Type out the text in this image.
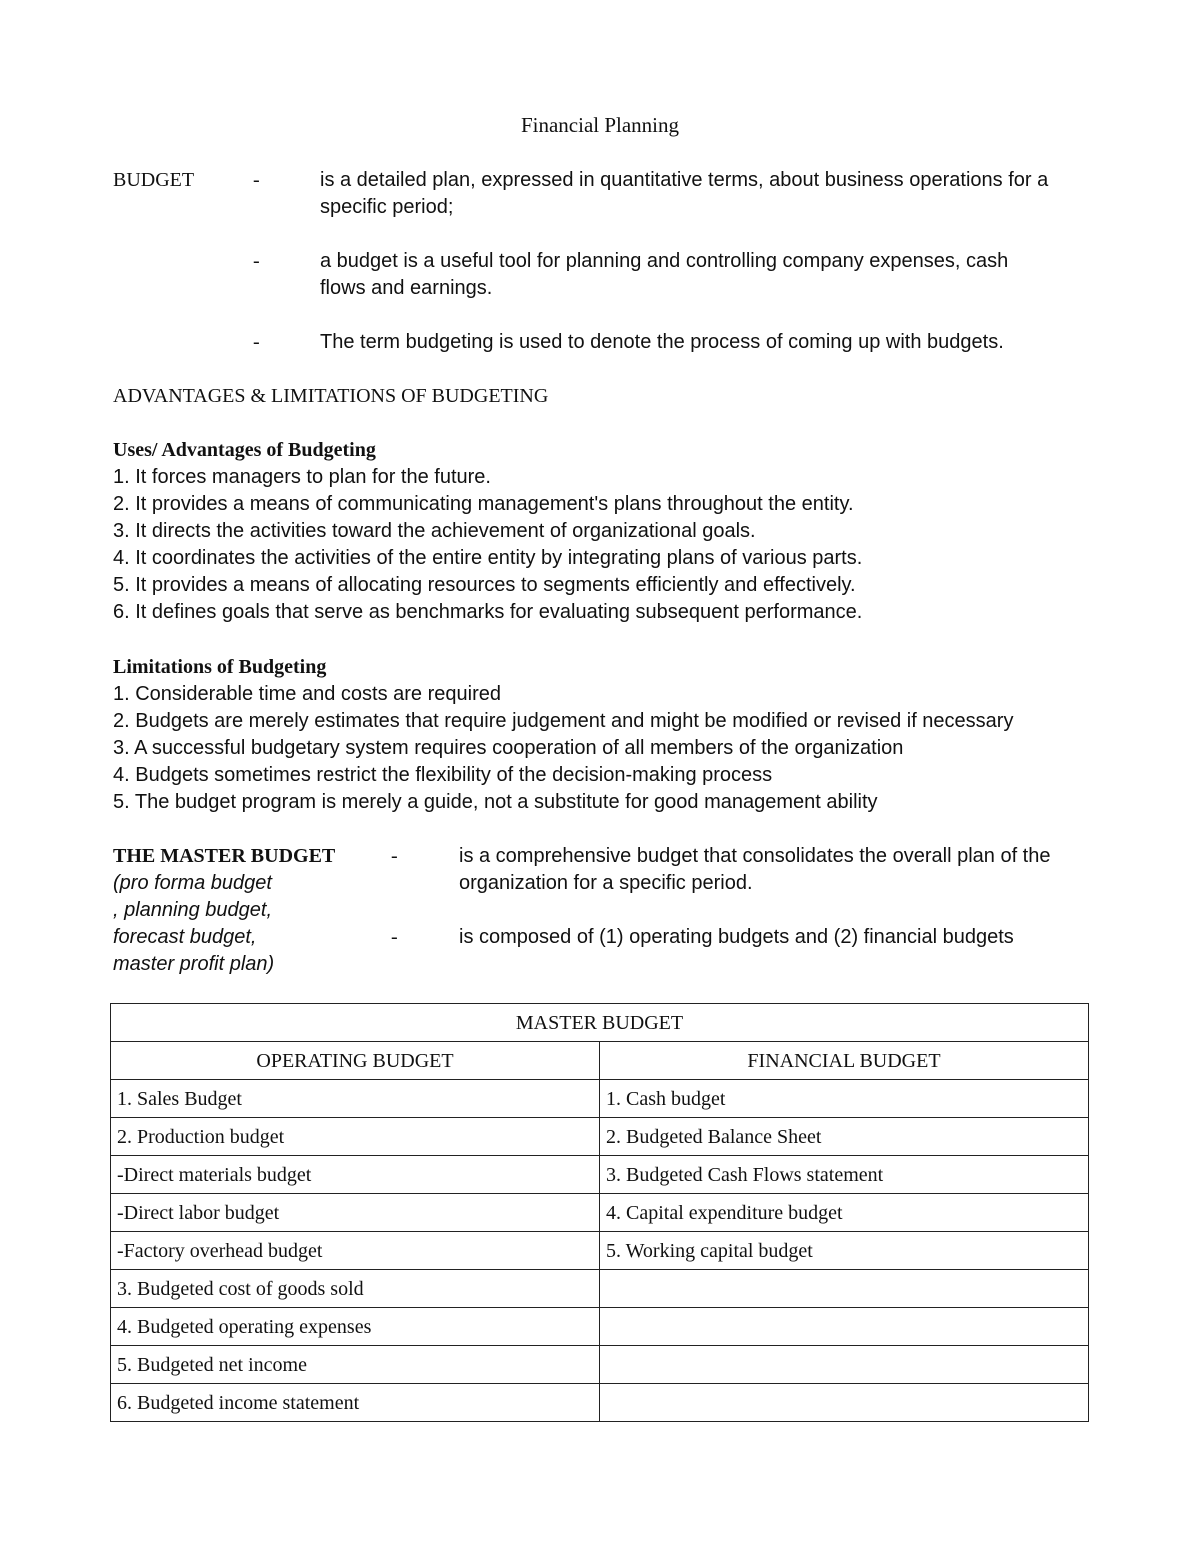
Financial Planning
BUDGET	-	is a detailed plan, expressed in quantitative terms, about business operations for a
specific period;
-	a budget is a useful tool for planning and controlling company expenses, cash
flows and earnings.
-	The term budgeting is used to denote the process of coming up with budgets.
ADVANTAGES & LIMITATIONS OF BUDGETING
Uses/ Advantages of Budgeting
1. It forces managers to plan for the future.
2. It provides a means of communicating management's plans throughout the entity.
3. It directs the activities toward the achievement of organizational goals.
4. It coordinates the activities of the entire entity by integrating plans of various parts.
5. It provides a means of allocating resources to segments efficiently and effectively.
6. It defines goals that serve as benchmarks for evaluating subsequent performance.
Limitations of Budgeting
1. Considerable time and costs are required
2. Budgets are merely estimates that require judgement and might be modified or revised if necessary
3. A successful budgetary system requires cooperation of all members of the organization
4. Budgets sometimes restrict the flexibility of the decision-making process
5. The budget program is merely a guide, not a substitute for good management ability
THE MASTER BUDGET
(pro forma budget
, planning budget,
forecast budget,
master profit plan)
-	is a comprehensive budget that consolidates the overall plan of the
organization for a specific period.
-	is composed of (1) operating budgets and (2) financial budgets
MASTER BUDGET	
OPERATING BUDGET	FINANCIAL BUDGET
1. Sales Budget	1. Cash budget
2. Production budget	2. Budgeted Balance Sheet
-Direct materials budget	3. Budgeted Cash Flows statement
-Direct labor budget	4. Capital expenditure budget
-Factory overhead budget	5. Working capital budget
3. Budgeted cost of goods sold	
4. Budgeted operating expenses	
5. Budgeted net income	
6. Budgeted income statement	
